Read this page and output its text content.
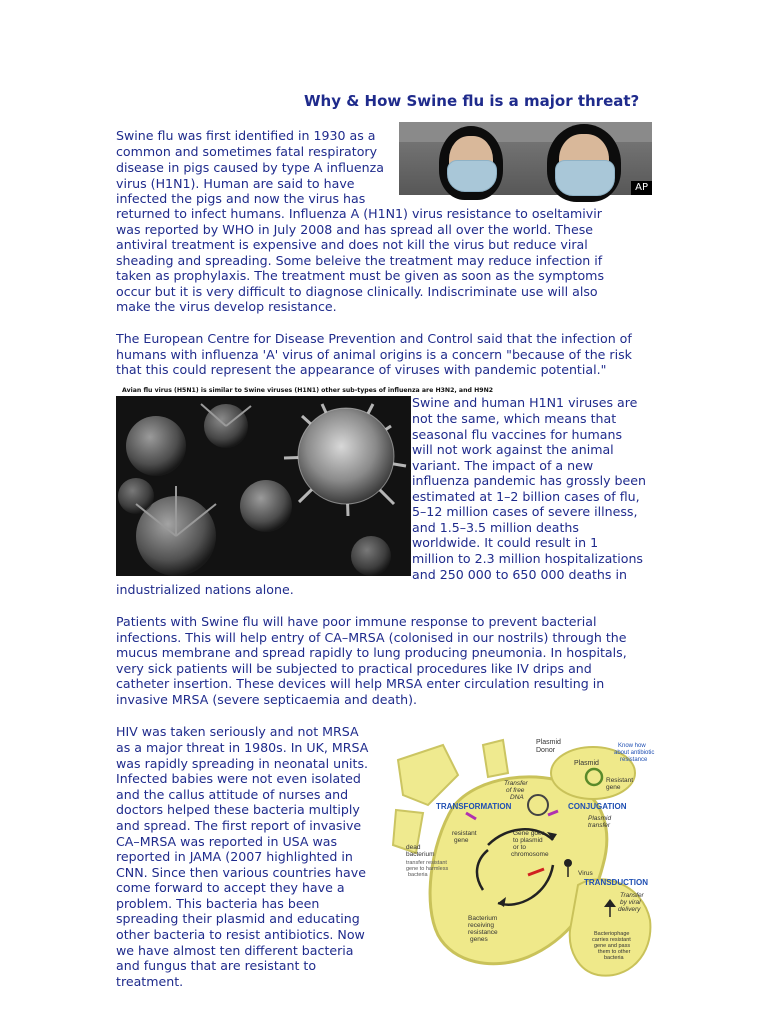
Why & How Swine flu is a major threat?
AP
Swine flu was first identified in 1930 as a
common and sometimes fatal respiratory
disease in pigs caused by type A influenza
virus (H1N1). Human are said to have
infected the pigs and now the virus has
returned to infect humans. Influenza A (H1N1) virus resistance to oseltamivir
was reported by WHO in July 2008 and has spread all over the world. These
antiviral treatment is expensive and does not kill the virus but reduce viral
sheading and spreading. Some beleive the treatment may reduce infection if
taken as prophylaxis. The treatment must be given as soon as the symptoms
occur but it is very difficult to diagnose clinically. Indiscriminate use will also
make the virus develop resistance.
The European Centre for Disease Prevention and Control said that the infection of
humans with influenza 'A' virus of animal origins is a concern "because of the risk
that this could represent the appearance of viruses with pandemic potential."
Avian flu virus (H5N1) is similar to Swine viruses (H1N1) other sub-types of influenza are H3N2, and H9N2
Swine and human H1N1 viruses are
not the same, which means that
seasonal flu vaccines for humans
will not work against the animal
variant. The impact of a new
influenza pandemic has grossly been
estimated at 1–2 billion cases of flu,
5–12 million cases of severe illness,
and 1.5–3.5 million deaths
worldwide. It could result in 1
million to 2.3 million hospitalizations
and 250 000 to 650 000 deaths in
industrialized nations alone.
Patients with Swine flu will have poor immune response to prevent bacterial
infections. This will help entry of CA–MRSA (colonised in our nostrils) through the
mucus membrane and spread rapidly to lung producing pneumonia. In hospitals,
very sick patients will be subjected to practical procedures like IV drips and
catheter insertion. These devices will help MRSA enter circulation resulting in
invasive MRSA (severe septicaemia and death).
HIV was taken seriously and not MRSA
as a major threat in 1980s. In UK, MRSA
was rapidly spreading in neonatal units.
Infected babies were not even isolated
and the callus attitude of nurses and
doctors helped these bacteria multiply
and spread. The first report of invasive
CA–MRSA was reported in USA was
reported in JAMA (2007 highlighted in
CNN. Since then various countries have
come forward to accept they have a
problem. This bacteria has been
spreading their plasmid and educating
other bacteria to resist antibiotics. Now
we have almost ten different bacteria
and fungus that are resistant to
treatment.
Plasmid
Donor
Know how
about antibiotic
resistance
Plasmid
Resistant
gene
Transfer
of free
DNA
TRANSFORMATION	CONJUGATION
Plasmid
transfer
resistant
gene
Gene goes
to plasmid
or to
chromosome
dead
bacterium
transfer resistant
gene to harmless
bacteria	Virus
TRANSDUCTION
Transfer
by viral
delivery
Bacterium
receiving
resistance
genes
Bacteriophage
carries resistant
gene and pass
them to other
bacteria
